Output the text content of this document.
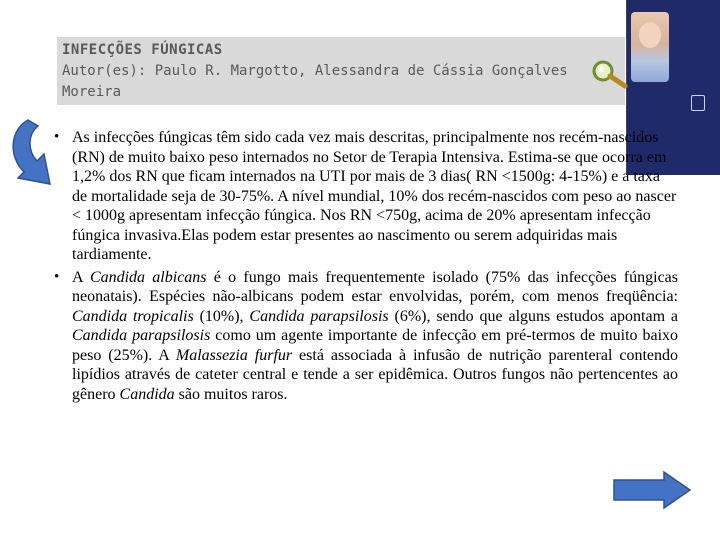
INFECÇÕES FÚNGICAS
Autor(es): Paulo R. Margotto, Alessandra de Cássia Gonçalves
Moreira
• As infecções fúngicas têm sido cada vez mais descritas, principalmente nos recém-nascidos (RN) de muito baixo peso internados no Setor de Terapia Intensiva. Estima-se que ocorra em 1,2% dos RN que ficam internados na UTI por mais de 3 dias( RN <1500g: 4-15%) e a taxa de mortalidade seja de 30-75%. A nível mundial, 10% dos recém-nascidos com peso ao nascer < 1000g apresentam infecção fúngica. Nos RN <750g, acima de 20% apresentam infecção fúngica invasiva.Elas podem estar presentes ao nascimento ou serem adquiridas mais tardiamente.
• A Candida albicans é o fungo mais frequentemente isolado (75% das infecções fúngicas neonatais). Espécies não-albicans podem estar envolvidas, porém, com menos freqüência: Candida tropicalis (10%), Candida parapsilosis (6%), sendo que alguns estudos apontam a Candida parapsilosis como um agente importante de infecção em pré-termos de muito baixo peso (25%). A Malassezia furfur está associada à infusão de nutrição parenteral contendo lipídios através de cateter central e tende a ser epidêmica. Outros fungos não pertencentes ao gênero Candida são muitos raros.
